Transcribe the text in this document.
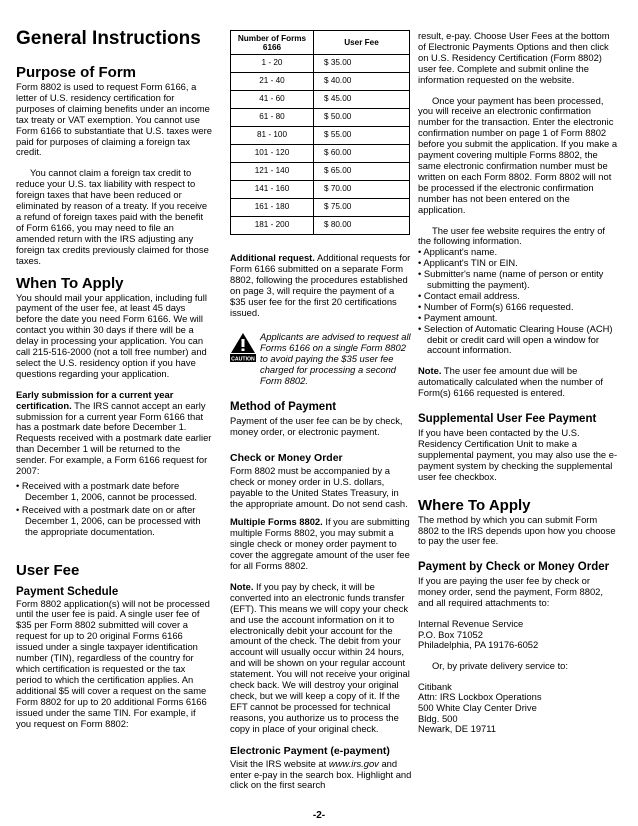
General Instructions
Purpose of Form

Form 8802 is used to request Form 6166, a letter of U.S. residency certification for purposes of claiming benefits under an income tax treaty or VAT exemption. You cannot use Form 6166 to substantiate that U.S. taxes were paid for purposes of claiming a foreign tax credit.

You cannot claim a foreign tax credit to reduce your U.S. tax liability with respect to foreign taxes that have been reduced or eliminated by reason of a treaty. If you receive a refund of foreign taxes paid with the benefit of Form 6166, you may need to file an amended return with the IRS adjusting any foreign tax credits previously claimed for those taxes.

When To Apply

You should mail your application, including full payment of the user fee, at least 45 days before the date you need Form 6166. We will contact you within 30 days if there will be a delay in processing your application. You can call 215-516-2000 (not a toll free number) and select the U.S. residency option if you have questions regarding your application.

Early submission for a current year certification. The IRS cannot accept an early submission for a current year Form 6166 that has a postmark date before December 1. Requests received with a postmark date earlier than December 1 will be returned to the sender. For example, a Form 6166 request for 2007:

• Received with a postmark date before December 1, 2006, cannot be processed.

• Received with a postmark date on or after December 1, 2006, can be processed with the appropriate documentation.

User Fee
Payment Schedule

Form 8802 application(s) will not be processed until the user fee is paid. A single user fee of $35 per Form 8802 submitted will cover a request for up to 20 original Forms 6166 issued under a single taxpayer identification number (TIN), regardless of the country for which certification is requested or the tax period to which the certification applies. An additional $5 will cover a request on the same Form 8802 for up to 20 additional Forms 6166 issued under the same TIN. For example, if you request on Form 8802:

Number of Forms 6166	User Fee
1 - 20	$ 35.00
21 - 40	$ 40.00
41 - 60	$ 45.00
61 - 80	$ 50.00
81 - 100	$ 55.00
101 - 120	$ 60.00
121 - 140	$ 65.00
141 - 160	$ 70.00
161 - 180	$ 75.00
181 - 200	$ 80.00

Additional request. Additional requests for Form 6166 submitted on a separate Form 8802, following the procedures established on page 3, will require the payment of a $35 user fee for the first 20 certifications issued.

CAUTION

Applicants are advised to request all Forms 6166 on a single Form 8802 to avoid paying the $35 user fee charged for processing a second Form 8802.

Method of Payment

Payment of the user fee can be by check, money order, or electronic payment.

Check or Money Order

Form 8802 must be accompanied by a check or money order in U.S. dollars, payable to the United States Treasury, in the appropriate amount. Do not send cash.

Multiple Forms 8802. If you are submitting multiple Forms 8802, you may submit a single check or money order payment to cover the aggregate amount of the user fee for all Forms 8802.

Note. If you pay by check, it will be converted into an electronic funds transfer (EFT). This means we will copy your check and use the account information on it to electronically debit your account for the amount of the check. The debit from your account will usually occur within 24 hours, and will be shown on your regular account statement. You will not receive your original check back. We will destroy your original check, but we will keep a copy of it. If the EFT cannot be processed for technical reasons, you authorize us to process the copy in place of your original check.

Electronic Payment (e-payment)

Visit the IRS website at www.irs.gov and enter e-pay in the search box. Highlight and click on the first search

result, e-pay. Choose User Fees at the bottom of Electronic Payments Options and then click on U.S. Residency Certification (Form 8802) user fee. Complete and submit online the information requested on the website.

Once your payment has been processed, you will receive an electronic confirmation number for the transaction. Enter the electronic confirmation number on page 1 of Form 8802 before you submit the application. If you make a payment covering multiple Forms 8802, the same electronic confirmation number must be written on each Form 8802. Form 8802 will not be processed if the electronic confirmation number has not been entered on the application.

The user fee website requires the entry of the following information.

• Applicant's name.

• Applicant's TIN or EIN.

• Submitter's name (name of person or entity submitting the payment).

• Contact email address.

• Number of Form(s) 6166 requested.

• Payment amount.

• Selection of Automatic Clearing House (ACH) debit or credit card will open a window for account information.

Note. The user fee amount due will be automatically calculated when the number of Form(s) 6166 requested is entered.

Supplemental User Fee Payment

If you have been contacted by the U.S. Residency Certification Unit to make a supplemental payment, you may also use the e-payment system by checking the supplemental user fee checkbox.

Where To Apply

The method by which you can submit Form 8802 to the IRS depends upon how you choose to pay the user fee.

Payment by Check or Money Order

If you are paying the user fee by check or money order, send the payment, Form 8802, and all required attachments to:

Internal Revenue Service

P.O. Box 71052

Philadelphia, PA 19176-6052

Or, by private delivery service to:

Citibank

Attn: IRS Lockbox Operations

500 White Clay Center Drive

Bldg. 500

Newark, DE 19711

-2-
